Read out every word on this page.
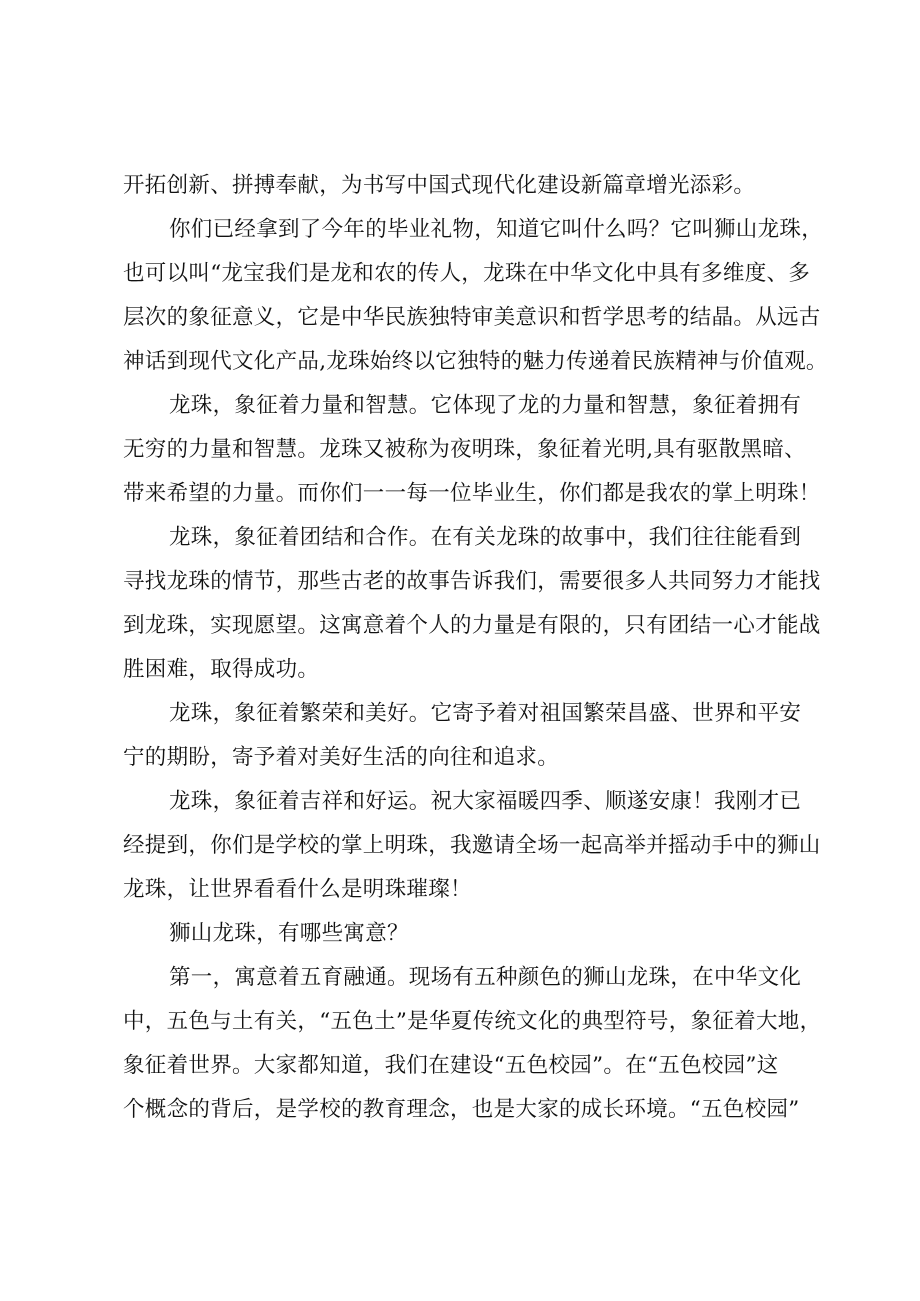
开拓创新、拼搏奉献，为书写中国式现代化建设新篇章增光添彩。
你们已经拿到了今年的毕业礼物，知道它叫什么吗？它叫狮山龙珠，
也可以叫“龙宝我们是龙和农的传人，龙珠在中华文化中具有多维度、多
层次的象征意义，它是中华民族独特审美意识和哲学思考的结晶。从远古
神话到现代文化产品,龙珠始终以它独特的魅力传递着民族精神与价值观。
龙珠，象征着力量和智慧。它体现了龙的力量和智慧，象征着拥有
无穷的力量和智慧。龙珠又被称为夜明珠，象征着光明,具有驱散黑暗、
带来希望的力量。而你们一一每一位毕业生，你们都是我农的掌上明珠！
龙珠，象征着团结和合作。在有关龙珠的故事中，我们往往能看到
寻找龙珠的情节，那些古老的故事告诉我们，需要很多人共同努力才能找
到龙珠，实现愿望。这寓意着个人的力量是有限的，只有团结一心才能战
胜困难，取得成功。
龙珠，象征着繁荣和美好。它寄予着对祖国繁荣昌盛、世界和平安
宁的期盼，寄予着对美好生活的向往和追求。
龙珠，象征着吉祥和好运。祝大家福暖四季、顺遂安康！我刚才已
经提到，你们是学校的掌上明珠，我邀请全场一起高举并摇动手中的狮山
龙珠，让世界看看什么是明珠璀璨！
狮山龙珠，有哪些寓意？
第一，寓意着五育融通。现场有五种颜色的狮山龙珠，在中华文化
中，五色与土有关，“五色土”是华夏传统文化的典型符号，象征着大地，
象征着世界。大家都知道，我们在建设“五色校园”。在“五色校园”这
个概念的背后，是学校的教育理念，也是大家的成长环境。“五色校园”
